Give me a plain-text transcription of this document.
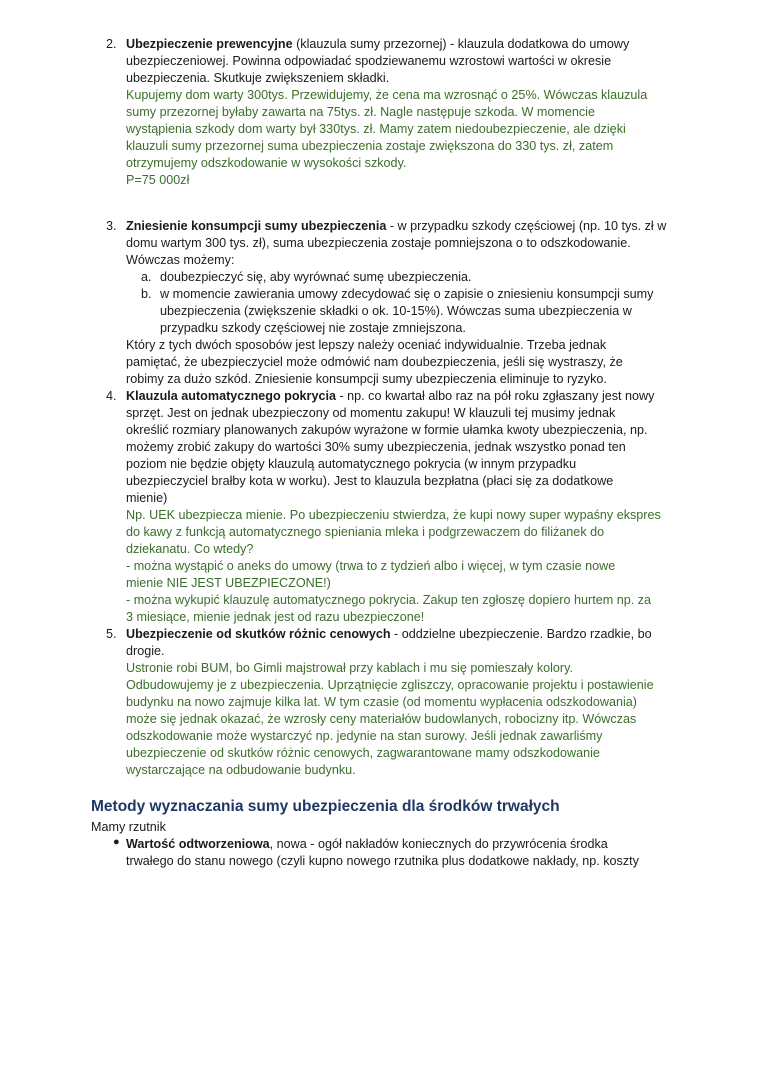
2. Ubezpieczenie prewencyjne (klauzula sumy przezornej) - klauzula dodatkowa do umowy
ubezpieczeniowej. Powinna odpowiadać spodziewanemu wzrostowi wartości w okresie
ubezpieczenia. Skutkuje zwiększeniem składki.
Kupujemy dom warty 300tys. Przewidujemy, że cena ma wzrosnąć o 25%. Wówczas klauzula
sumy przezornej byłaby zawarta na 75tys. zł. Nagle następuje szkoda. W momencie
wystąpienia szkody dom warty był 330tys. zł. Mamy zatem niedoubezpieczenie, ale dzięki
klauzuli sumy przezornej suma ubezpieczenia zostaje zwiększona do 330 tys. zł, zatem
otrzymujemy odszkodowanie w wysokości szkody.
P=75 000zł
3. Zniesienie konsumpcji sumy ubezpieczenia - w przypadku szkody częściowej (np. 10 tys. zł w
domu wartym 300 tys. zł), suma ubezpieczenia zostaje pomniejszona o to odszkodowanie.
Wówczas możemy:
a. doubezpieczyć się, aby wyrównać sumę ubezpieczenia.
b. w momencie zawierania umowy zdecydować się o zapisie o zniesieniu konsumpcji sumy
ubezpieczenia (zwiększenie składki o ok. 10-15%). Wówczas suma ubezpieczenia w
przypadku szkody częściowej nie zostaje zmniejszona.
Który z tych dwóch sposobów jest lepszy należy oceniać indywidualnie. Trzeba jednak
pamiętać, że ubezpieczyciel może odmówić nam doubezpieczenia, jeśli się wystraszy, że
robimy za dużo szkód. Zniesienie konsumpcji sumy ubezpieczenia eliminuje to ryzyko.
4. Klauzula automatycznego pokrycia - np. co kwartał albo raz na pół roku zgłaszany jest nowy
sprzęt. Jest on jednak ubezpieczony od momentu zakupu! W klauzuli tej musimy jednak
określić rozmiary planowanych zakupów wyrażone w formie ułamka kwoty ubezpieczenia, np.
możemy zrobić zakupy do wartości 30% sumy ubezpieczenia, jednak wszystko ponad ten
poziom nie będzie objęty klauzulą automatycznego pokrycia (w innym przypadku
ubezpieczyciel brałby kota w worku). Jest to klauzula bezpłatna (płaci się za dodatkowe
mienie)
Np. UEK ubezpiecza mienie. Po ubezpieczeniu stwierdza, że kupi nowy super wypaśny ekspres
do kawy z funkcją automatycznego spieniania mleka i podgrzewaczem do filiżanek do
dziekanatu. Co wtedy?
- można wystąpić o aneks do umowy (trwa to z tydzień albo i więcej, w tym czasie nowe
mienie NIE JEST UBEZPIECZONE!)
- można wykupić klauzulę automatycznego pokrycia. Zakup ten zgłoszę dopiero hurtem np. za
3 miesiące, mienie jednak jest od razu ubezpieczone!
5. Ubezpieczenie od skutków różnic cenowych - oddzielne ubezpieczenie. Bardzo rzadkie, bo
drogie.
Ustronie robi BUM, bo Gimli majstrował przy kablach i mu się pomieszały kolory.
Odbudowujemy je z ubezpieczenia. Uprzątnięcie zgliszczy, opracowanie projektu i postawienie
budynku na nowo zajmuje kilka lat. W tym czasie (od momentu wypłacenia odszkodowania)
może się jednak okazać, że wzrosły ceny materiałów budowlanych, robocizny itp. Wówczas
odszkodowanie może wystarczyć np. jedynie na stan surowy. Jeśli jednak zawarliśmy
ubezpieczenie od skutków różnic cenowych, zagwarantowane mamy odszkodowanie
wystarczające na odbudowanie budynku.
Metody wyznaczania sumy ubezpieczenia dla środków trwałych
Mamy rzutnik
● Wartość odtworzeniowa, nowa - ogół nakładów koniecznych do przywrócenia środka
trwałego do stanu nowego (czyli kupno nowego rzutnika plus dodatkowe nakłady, np. koszty
